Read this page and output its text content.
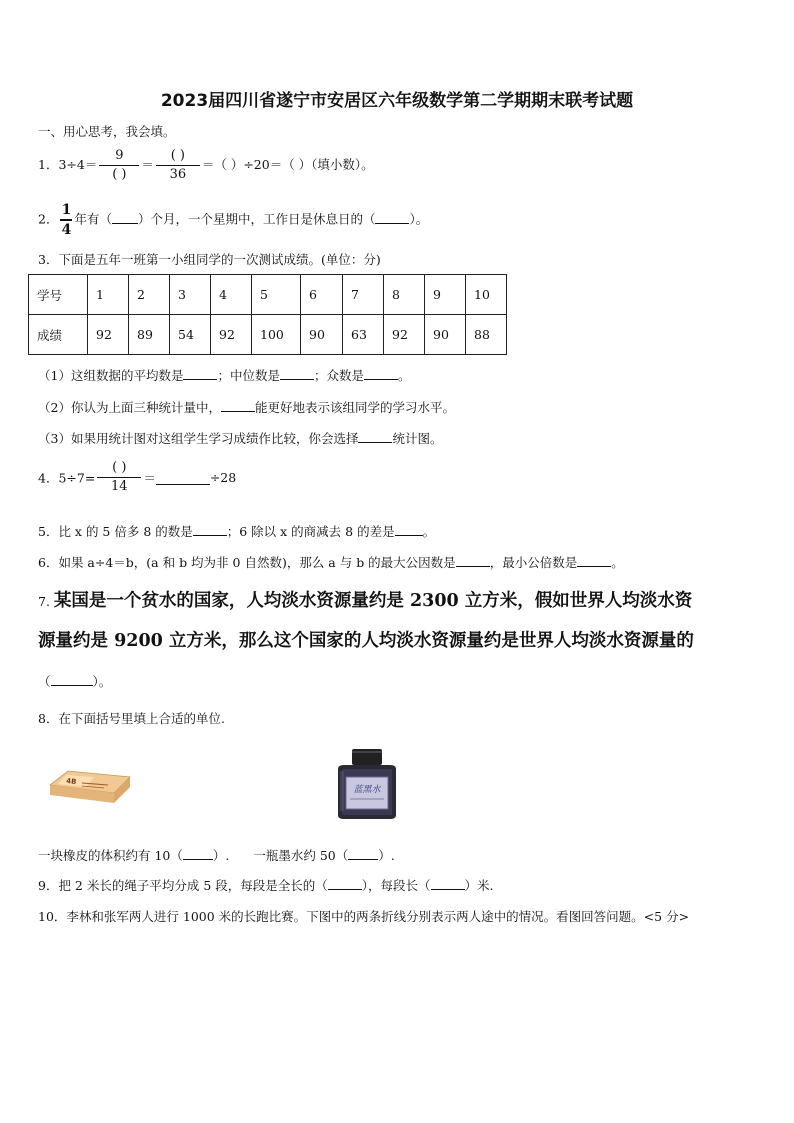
2023届四川省遂宁市安居区六年级数学第二学期期末联考试题
一、用心思考，我会填。
1．$3\div 4= \frac{9}{( )} = \frac{( )}{36}$ ＝（ ）÷20＝（ ）（填小数）。
2． $\frac{1}{4}$ 年有（ ）个月，一个星期中，工作日是休息日的（	）。
3．下面是五年一班第一小组同学的一次测试成绩。(单位：分)
学号	1	2	3	4	5	6	7	8	9	10
成绩	92	89	54	92	100	90	63	92	90	88
（1）这组数据的平均数是	；中位数是	；众数是	。
（2）你认为上面三种统计量中，	能更好地表示该组同学的学习水平。
（3）如果用统计图对这组学生学习成绩作比较，你会选择	统计图。
4．$5\div 7= \frac{( )}{14}$ ＝	÷28
5．比 x 的 5 倍多 8 的数是	；6 除以 x 的商减去 8 的差是 。
6．如果 a÷4＝b，(a 和 b 均为非 0 自然数)，那么 a 与 b 的最大公因数是	，最小公倍数是	。
7. 某国是一个贫水的国家，人均淡水资源量约是 2300 立方米，假如世界人均淡水资
源量约是 9200 立方米，那么这个国家的人均淡水资源量约是世界人均淡水资源量的
（	）。
8．在下面括号里填上合适的单位.
4B
蓝黑水
一块橡皮的体积约有 10（ ）. 一瓶墨水约 50（ ）.
9．把 2 米长的绳子平均分成 5 段，每段是全长的（	），每段长（	）米.
10．李林和张军两人进行 1000 米的长跑比赛。下图中的两条折线分别表示两人途中的情况。看图回答问题。<5 分>
